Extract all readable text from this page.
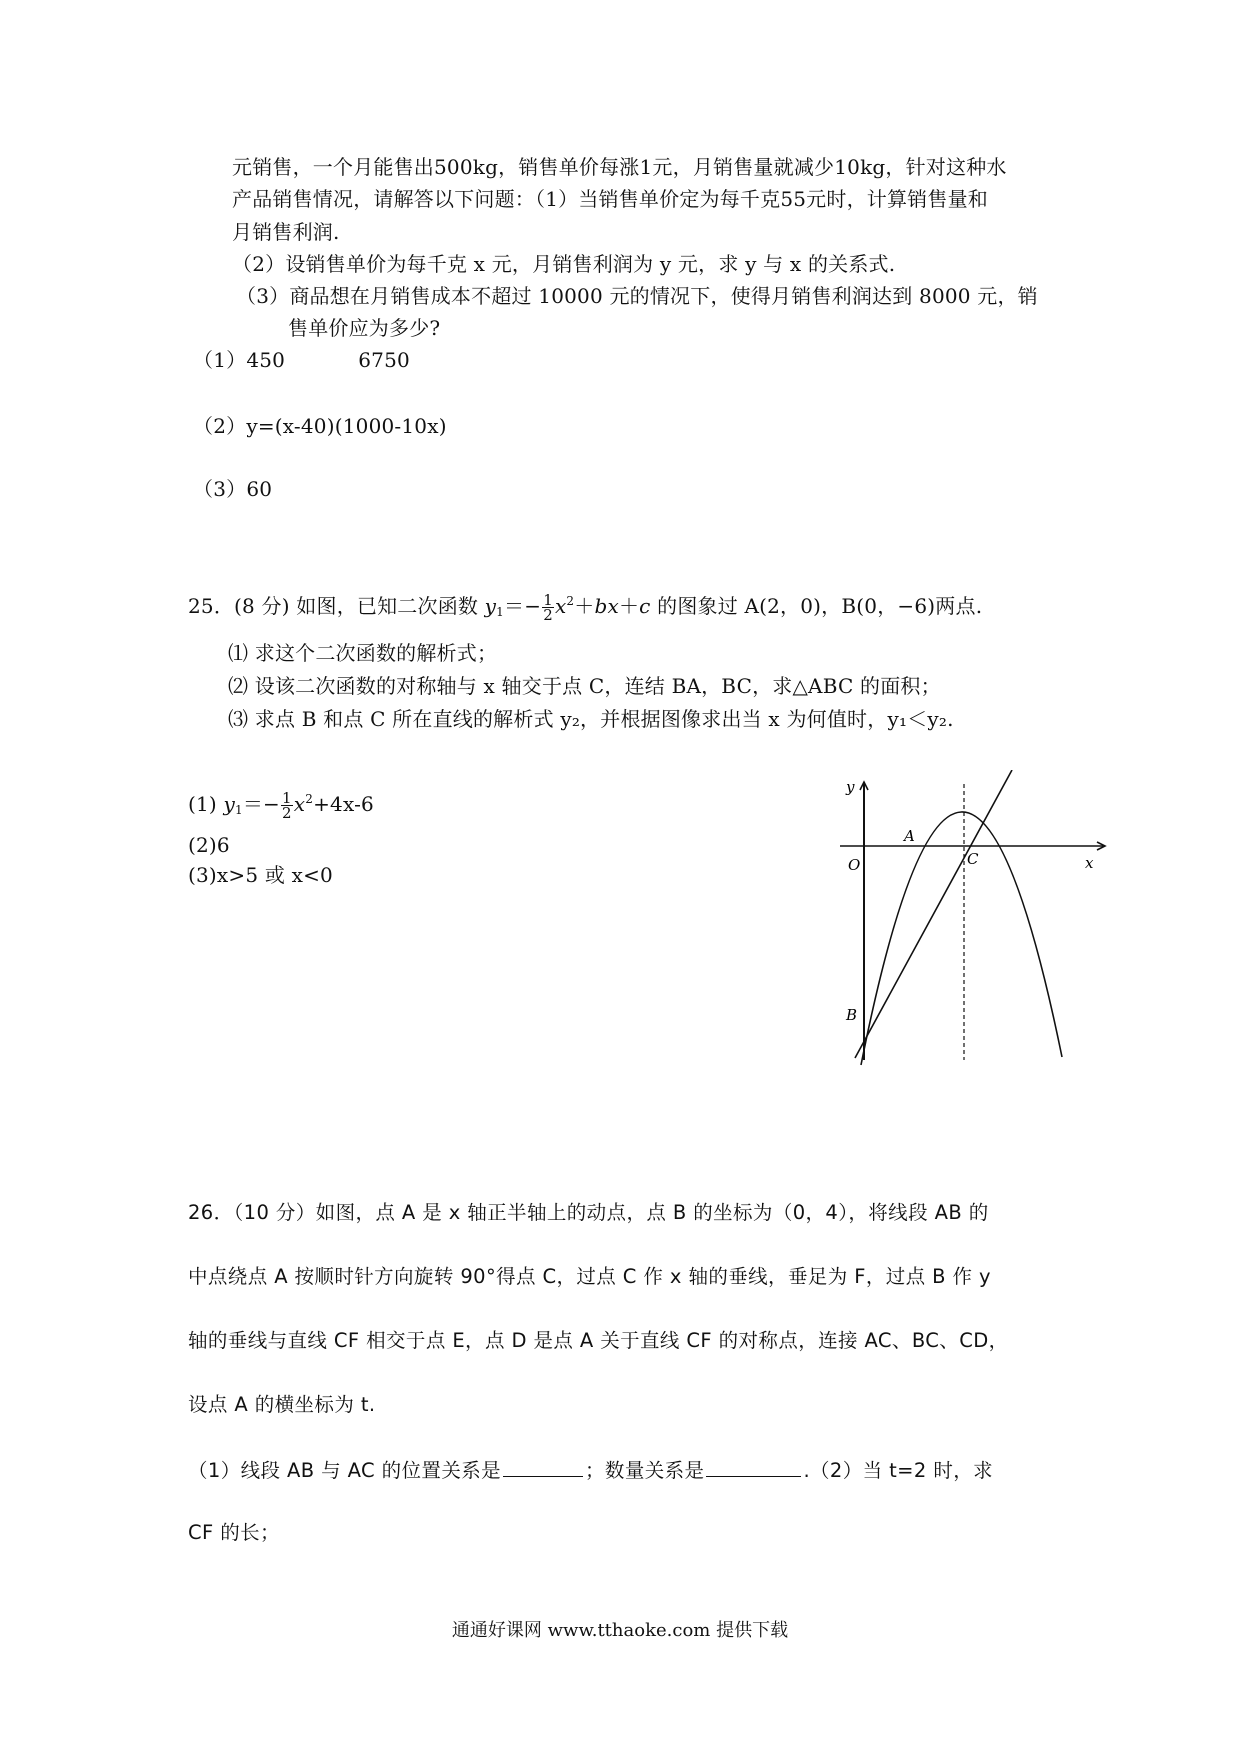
元销售，一个月能售出500kg，销售单价每涨1元，月销售量就减少10kg，针对这种水
产品销售情况，请解答以下问题：（1）当销售单价定为每千克55元时，计算销售量和
月销售利润.
（2）设销售单价为每千克 x 元，月销售利润为 y 元，求 y 与 x 的关系式.
（3）商品想在月销售成本不超过 10000 元的情况下，使得月销售利润达到 8000 元，销
售单价应为多少?
（1）450	6750
（2）y=(x-40)(1000-10x)
（3）60
25．(8 分) 如图，已知二次函数 $y_1=- \frac{1}{2} x^2+bx+c$ 的图象过 A(2，0)，B(0，−6)两点.
⑴ 求这个二次函数的解析式；
⑵ 设该二次函数的对称轴与 x 轴交于点 C，连结 BA，BC，求△ABC 的面积；
⑶ 求点 B 和点 C 所在直线的解析式 y₂，并根据图像求出当 x 为何值时，y₁＜y₂.
(1) $y_1=- \frac{1}{2} x^2+4x-6$
(2)6
(3)x>5 或 x<0
y
x
O
A
C
B
26．（10 分）如图，点 A 是 x 轴正半轴上的动点，点 B 的坐标为（0，4），将线段 AB 的
中点绕点 A 按顺时针方向旋转 90°得点 C，过点 C 作 x 轴的垂线，垂足为 F，过点 B 作 y
轴的垂线与直线 CF 相交于点 E，点 D 是点 A 关于直线 CF 的对称点，连接 AC、BC、CD，
设点 A 的横坐标为 t.
（1）线段 AB 与 AC 的位置关系是	；数量关系是	.（2）当 t=2 时，求
CF 的长；
通通好课网 www.tthaoke.com 提供下载
